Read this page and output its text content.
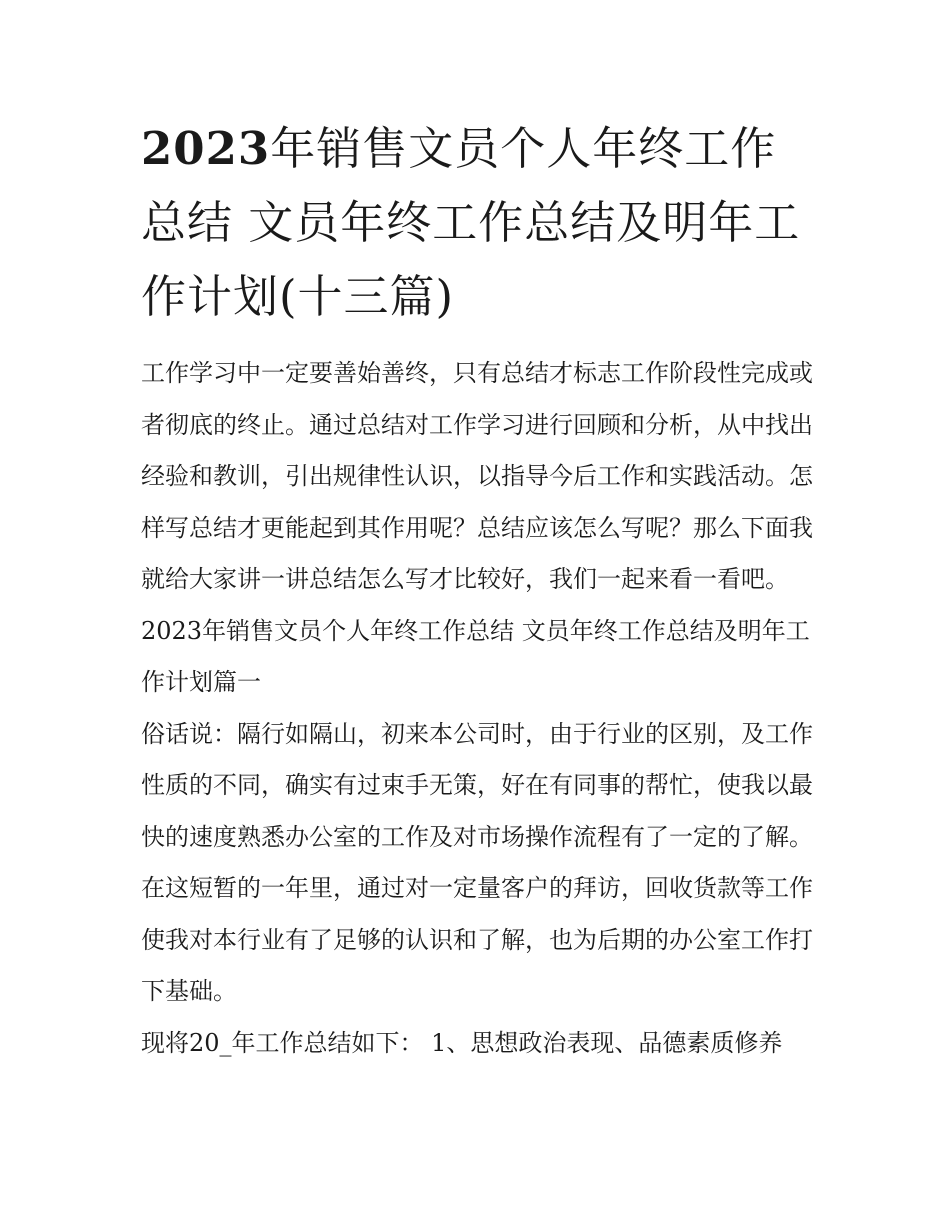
2023年销售文员个人年终工作总结 文员年终工作总结及明年工作计划(十三篇)

工作学习中一定要善始善终，只有总结才标志工作阶段性完成或者彻底的终止。通过总结对工作学习进行回顾和分析，从中找出经验和教训，引出规律性认识，以指导今后工作和实践活动。怎样写总结才更能起到其作用呢？总结应该怎么写呢？那么下面我就给大家讲一讲总结怎么写才比较好，我们一起来看一看吧。

2023年销售文员个人年终工作总结 文员年终工作总结及明年工作计划篇一

俗话说：隔行如隔山，初来本公司时，由于行业的区别，及工作性质的不同，确实有过束手无策，好在有同事的帮忙，使我以最快的速度熟悉办公室的工作及对市场操作流程有了一定的了解。在这短暂的一年里，通过对一定量客户的拜访，回收货款等工作使我对本行业有了足够的认识和了解，也为后期的办公室工作打下基础。

现将20_年工作总结如下： 1、思想政治表现、品德素质修养
